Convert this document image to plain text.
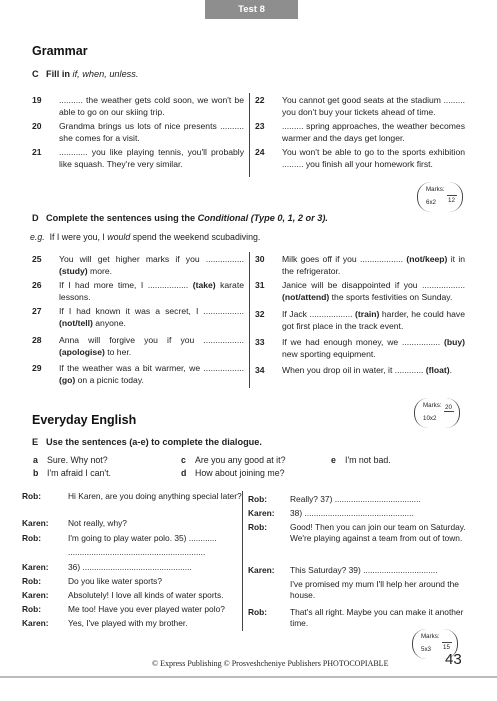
Test 8
Grammar
C Fill in if, when, unless.
19 .......... the weather gets cold soon, we won't be able to go on our skiing trip.
20 Grandma brings us lots of nice presents .......... she comes for a visit.
21 ............ you like playing tennis, you'll probably like squash. They're very similar.
22 You cannot get good seats at the stadium ......... you don't buy your tickets ahead of time.
23 ......... spring approaches, the weather becomes warmer and the days get longer.
24 You won't be able to go to the sports exhibition ......... you finish all your homework first.
Marks:
6x2 12
D Complete the sentences using the Conditional (Type 0, 1, 2 or 3).
e.g. If I were you, I would spend the weekend scubadiving.
25 You will get higher marks if you ................ (study) more.
26 If I had more time, I ................. (take) karate lessons.
27 If I had known it was a secret, I ................. (not/tell) anyone.
28 Anna will forgive you if you ................. (apologise) to her.
29 If the weather was a bit warmer, we ................. (go) on a picnic today.
30 Milk goes off if you .................. (not/keep) it in the refrigerator.
31 Janice will be disappointed if you .................. (not/attend) the sports festivities on Sunday.
32 If Jack .................. (train) harder, he could have got first place in the track event.
33 If we had enough money, we ................ (buy) new sporting equipment.
34 When you drop oil in water, it ............ (float).
Marks:
10x2
20
Everyday English
E Use the sentences (a-e) to complete the dialogue.
a Sure. Why not?
b I'm afraid I can't.
c Are you any good at it?
d How about joining me?
e I'm not bad.
Rob:	Hi Karen, are you doing anything special later?
Karen: Not really, why?
Rob:	I'm going to play water polo. 35) ............
...........................................................
Karen: 36) ...............................................
Rob:	Do you like water sports?
Karen: Absolutely! I love all kinds of water sports.
Rob:	Me too! Have you ever played water polo?
Karen: Yes, I've played with my brother.
Rob:	Really? 37) .....................................
Karen: 38) ...............................................
Rob:	Good! Then you can join our team on Saturday. We're playing against a team from out of town.
Karen: This Saturday? 39) ................................
I've promised my mum I'll help her around the house.
Rob:	That's all right. Maybe you can make it another time.
Marks:
5x3 15
© Express Publishing © Prosveshcheniye Publishers PHOTOCOPIABLE	43
